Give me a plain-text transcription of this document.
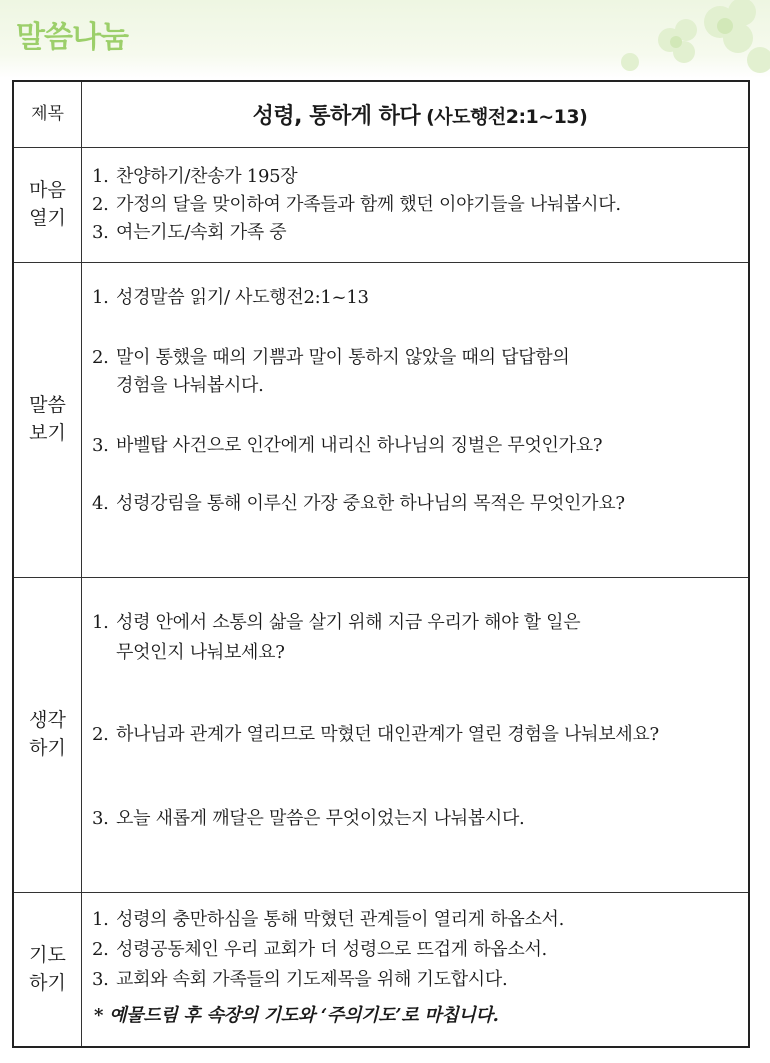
말씀나눔
제목	성령, 통하게 하다 (사도행전2:1~13)
마음
열기
1. 찬양하기/찬송가 195장
2. 가정의 달을 맞이하여 가족들과 함께 했던 이야기들을 나눠봅시다.
3. 여는기도/속회 가족 중
말씀
보기
1. 성경말씀 읽기/ 사도행전2:1~13
2. 말이 통했을 때의 기쁨과 말이 통하지 않았을 때의 답답함의
경험을 나눠봅시다.
3. 바벨탑 사건으로 인간에게 내리신 하나님의 징벌은 무엇인가요?
4. 성령강림을 통해 이루신 가장 중요한 하나님의 목적은 무엇인가요?
생각
하기
1. 성령 안에서 소통의 삶을 살기 위해 지금 우리가 해야 할 일은
무엇인지 나눠보세요?
2. 하나님과 관계가 열리므로 막혔던 대인관계가 열린 경험을 나눠보세요?
3. 오늘 새롭게 깨달은 말씀은 무엇이었는지 나눠봅시다.
기도
하기
1. 성령의 충만하심을 통해 막혔던 관계들이 열리게 하옵소서.
2. 성령공동체인 우리 교회가 더 성령으로 뜨겁게 하옵소서.
3. 교회와 속회 가족들의 기도제목을 위해 기도합시다.
* 예물드림 후 속장의 기도와 ‘주의기도’로 마칩니다.
